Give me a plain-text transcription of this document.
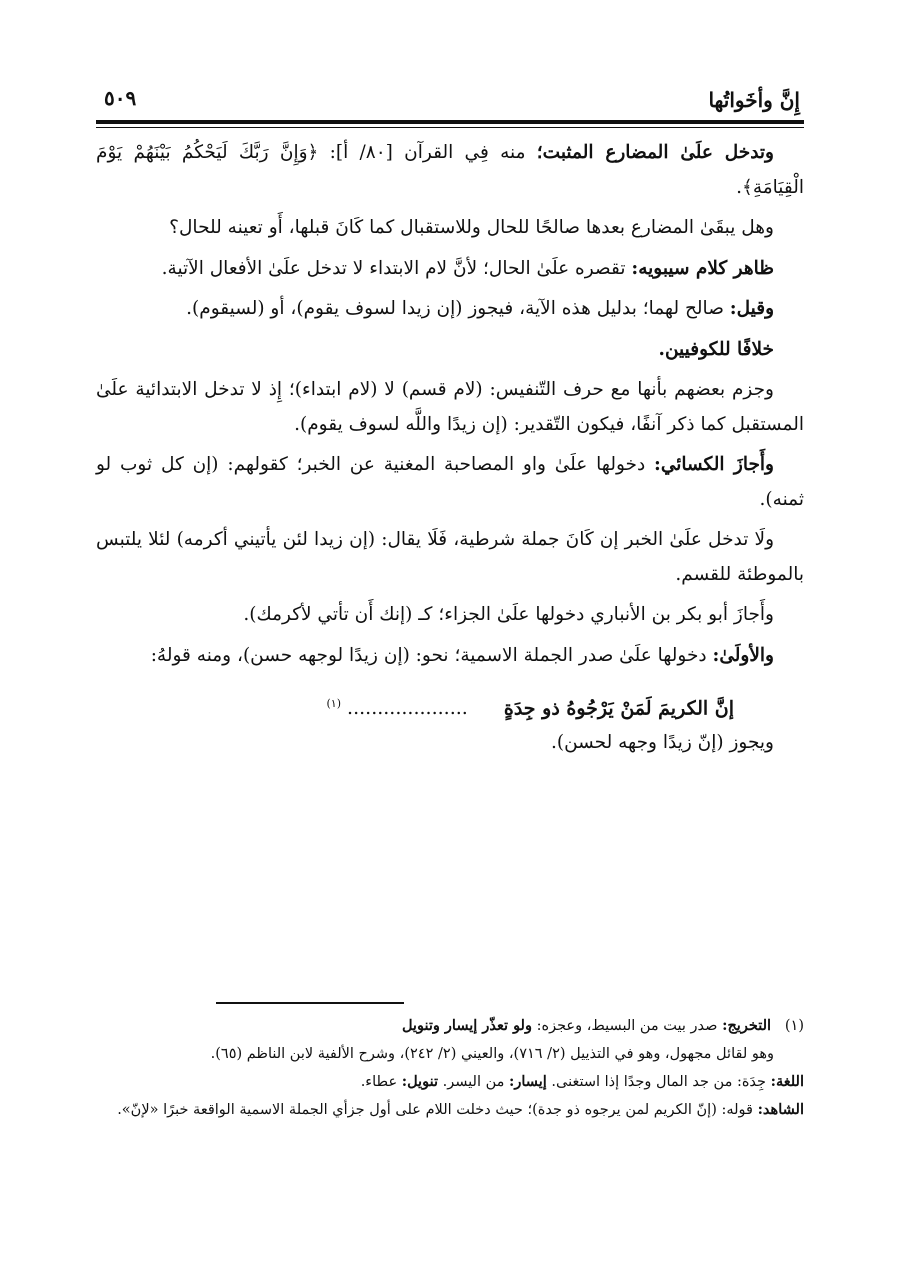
إِنَّ وأخَواتُها
٥٠٩

وتدخل علَىٰ المضارع المثبت؛ منه فِي القرآن [٨٠/ أ]: ﴿وَإِنَّ رَبَّكَ لَيَحْكُمُ بَيْنَهُمْ يَوْمَ الْقِيَامَةِ﴾.

وهل يبقَىٰ المضارع بعدها صالحًا للحال وللاستقبال كما كَانَ قبلها، أَو تعينه للحال؟

ظاهر كلام سيبويه: تقصره علَىٰ الحال؛ لأنَّ لام الابتداء لا تدخل علَىٰ الأفعال الآتية.

وقيل: صالح لهما؛ بدليل هذه الآية، فيجوز (إن زيدا لسوف يقوم)، أو (لسيقوم).

خلافًا للكوفيين.

وجزم بعضهم بأنها مع حرف التّنفيس: (لام قسم) لا (لام ابتداء)؛ إِذ لا تدخل الابتدائية علَىٰ المستقبل كما ذكر آنفًا، فيكون التّقدير: (إن زيدًا واللَّه لسوف يقوم).

وأَجازَ الكسائي: دخولها علَىٰ واو المصاحبة المغنية عن الخبر؛ كقولهم: (إن كل ثوب لو ثمنه).

ولَا تدخل علَىٰ الخبر إن كَانَ جملة شرطية، فَلَا يقال: (إن زيدا لئن يأتيني أكرمه) لئلا يلتبس بالموطئة للقسم.

وأَجازَ أبو بكر بن الأنباري دخولها علَىٰ الجزاء؛ كـ (إنك أَن تأتي لأكرمك).

والأولَىٰ: دخولها علَىٰ صدر الجملة الاسمية؛ نحو: (إن زيدًا لوجهه حسن)، ومنه قولهُ:

إنَّ الكريمَ لَمَنْ يَرْجُوهُ ذو جِدَةٍ .................... $^{(١)}$

ويجوز (إنّ زيدًا وجهه لحسن).

(١)   التخريج: صدر بيت من البسيط، وعجزه: ولو تعذّر إيسار وتنويل

وهو لقائل مجهول، وهو في التذييل (٢/ ٧١٦)، والعيني (٢/ ٢٤٢)، وشرح الألفية لابن الناظم (٦٥).

اللغة: جِدَة: من جد المال وجدًا إذا استغنى. إيسار: من اليسر. تنويل: عطاء.

الشاهد: قوله: (إنّ الكريم لمن يرجوه ذو جدة)؛ حيث دخلت اللام على أول جزأي الجملة الاسمية الواقعة خبرًا «لإنّ».
